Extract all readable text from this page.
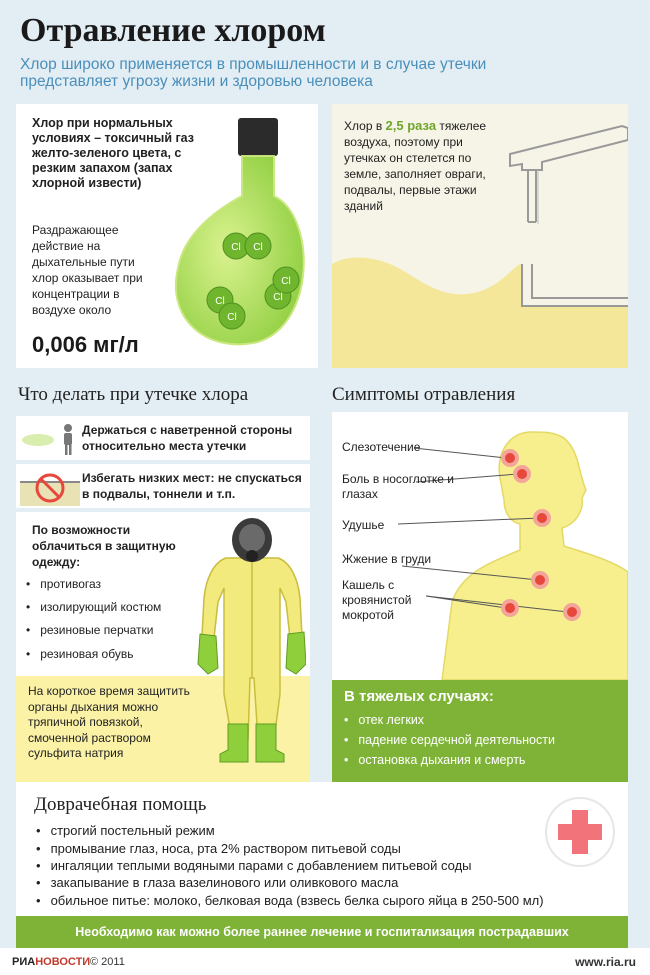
Отравление хлором

Хлор широко применяется в промышленности и в случае утечки представляет угрозу жизни и здоровью человека

Хлор при нормальных условиях – токсичный газ желто-зеленого цвета, с резким запахом (запах хлорной извести)
Раздражающее действие на дыхательные пути хлор оказывает при концентрации в воздухе около
0,006 мг/л
Cl Cl
Cl
Cl
Cl
Cl
Хлор в 2,5 раза тяжелее воздуха, поэтому при утечках он стелется по земле, заполняет овраги, подвалы, первые этажи зданий
Что делать при утечке хлора
Держаться с наветренной стороны относительно места утечки
Избегать низких мест: не спускаться в подвалы, тоннели и т.п.
По возможности облачиться в защитную одежду:
• противогаз
• изолирующий костюм
• резиновые перчатки
• резиновая обувь
На короткое время защитить органы дыхания можно тряпичной повязкой, смоченной раствором сульфита натрия
Симптомы отравления
Слезотечение
Боль в носоглотке и глазах
Удушье
Жжение в груди
Кашель с кровянистой мокротой
В тяжелых случаях:
• отек легких
• падение сердечной деятельности
• остановка дыхания и смерть
Доврачебная помощь
• строгий постельный режим
• промывание глаз, носа, рта 2% раствором питьевой соды
• ингаляции теплыми водяными парами с добавлением питьевой соды
• закапывание в глаза вазелинового или оливкового масла
• обильное питье: молоко, белковая вода (взвесь белка сырого яйца в 250-500 мл)
Необходимо как можно более раннее лечение и госпитализация пострадавших
РИАНОВОСТИ © 2011	www.ria.ru
